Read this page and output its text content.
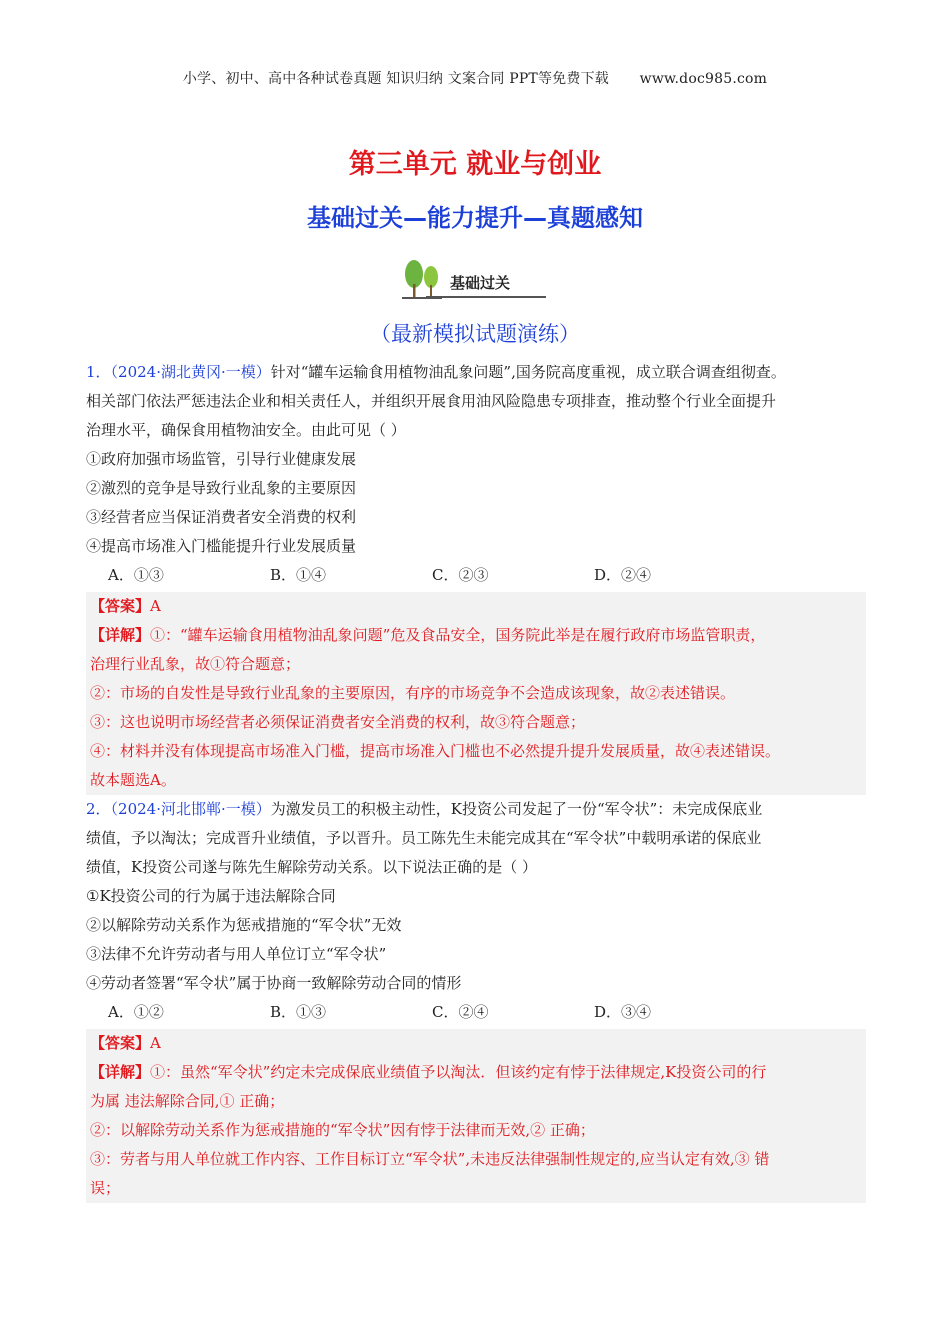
小学、初中、高中各种试卷真题 知识归纳 文案合同 PPT等免费下载 www.doc985.com
第三单元 就业与创业
基础过关—能力提升—真题感知
基础过关
（最新模拟试题演练）

1．（2024·湖北黄冈·一模）针对“罐车运输食用植物油乱象问题”,国务院高度重视，成立联合调查组彻查。

相关部门依法严惩违法企业和相关责任人，并组织开展食用油风险隐患专项排查，推动整个行业全面提升

治理水平，确保食用植物油安全。由此可见（ ）

①政府加强市场监管，引导行业健康发展

②激烈的竞争是导致行业乱象的主要原因

③经营者应当保证消费者安全消费的权利

④提高市场准入门槛能提升行业发展质量

A．①③	B．①④	C．②③	D．②④

【答案】A

【详解】①：“罐车运输食用植物油乱象问题”危及食品安全，国务院此举是在履行政府市场监管职责，

治理行业乱象，故①符合题意；

②：市场的自发性是导致行业乱象的主要原因，有序的市场竞争不会造成该现象，故②表述错误。

③：这也说明市场经营者必须保证消费者安全消费的权利，故③符合题意；

④：材料并没有体现提高市场准入门槛，提高市场准入门槛也不必然提升提升发展质量，故④表述错误。

故本题选A。

2．（2024·河北邯郸·一模）为激发员工的积极主动性，K投资公司发起了一份“军令状”：未完成保底业

绩值，予以淘汰；完成晋升业绩值，予以晋升。员工陈先生未能完成其在“军令状”中载明承诺的保底业

绩值，K投资公司遂与陈先生解除劳动关系。以下说法正确的是（ ）

①K投资公司的行为属于违法解除合同

②以解除劳动关系作为惩戒措施的“军令状”无效

③法律不允许劳动者与用人单位订立“军令状”

④劳动者签署“军令状”属于协商一致解除劳动合同的情形

A．①②	B．①③	C．②④	D．③④

【答案】A

【详解】①：虽然“军令状”约定未完成保底业绩值予以淘汰．但该约定有悖于法律规定,K投资公司的行

为属 违法解除合同,① 正确；

②：以解除劳动关系作为惩戒措施的“军令状”因有悖于法律而无效,② 正确；

③：劳者与用人单位就工作内容、工作目标订立“军令状”,未违反法律强制性规定的,应当认定有效,③ 错

误；
